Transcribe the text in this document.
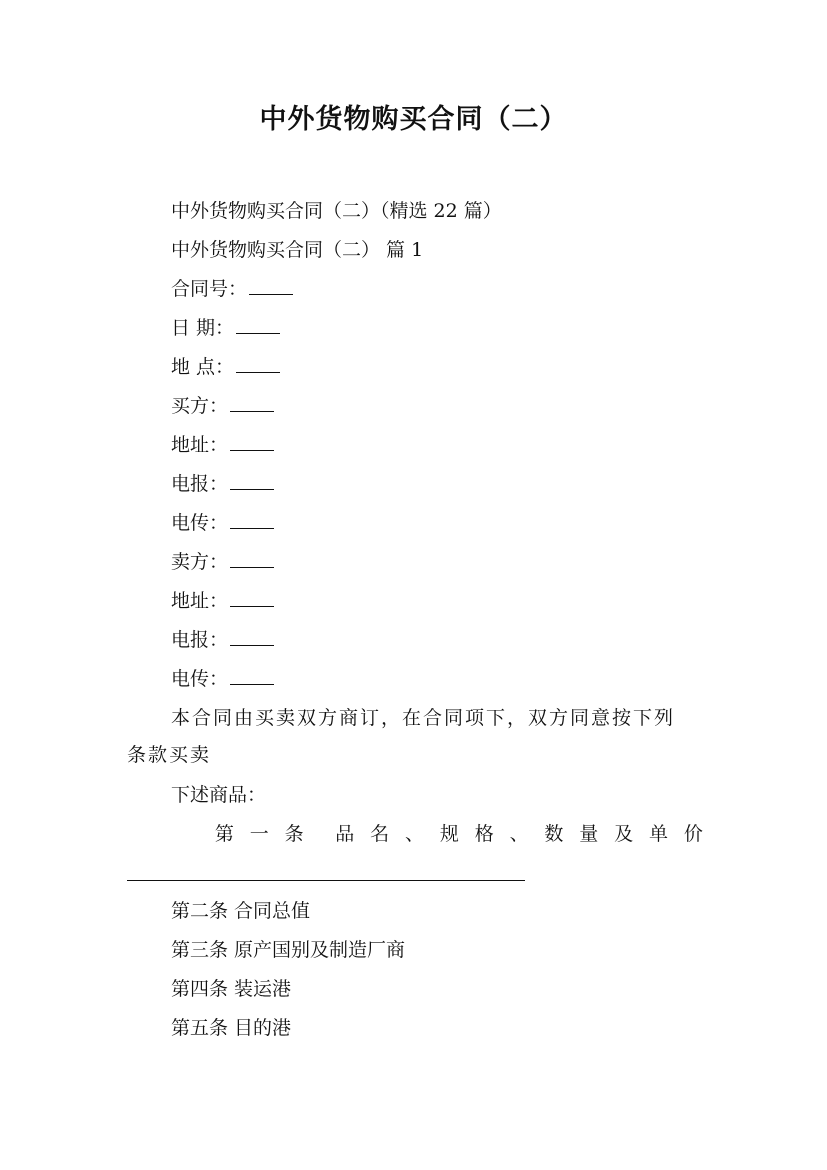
中外货物购买合同（二）
中外货物购买合同（二）（精选 22 篇）
中外货物购买合同（二） 篇 1
合同号：
日 期：
地 点：
买方：
地址：
电报：
电传：
卖方：
地址：
电报：
电传：
本合同由买卖双方商订，在合同项下，双方同意按下列
条款买卖
下述商品：
第 一 条 品 名 、 规 格 、 数 量 及 单 价
第二条 合同总值
第三条 原产国别及制造厂商
第四条 装运港
第五条 目的港
